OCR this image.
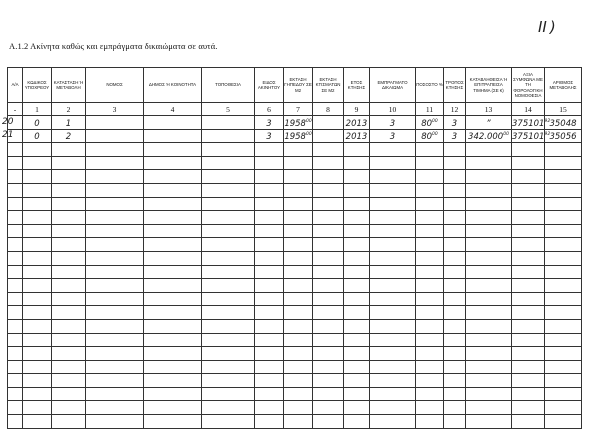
II )
Α.1.2 Ακίνητα καθώς και εμπράγματα δικαιώματα σε αυτά.
Α/Α	ΚΩΔΙΚΟΣ ΥΠΟΧΡΕΟΥ	ΚΑΤΑΣΤΑΣΗ Ή ΜΕΤΑΒΟΛΗ	ΝΟΜΟΣ	ΔΗΜΟΣ Ή ΚΟΙΝΟΤΗΤΑ	ΤΟΠΟΘΕΣΙΑ	ΕΙΔΟΣ ΑΚΙΝΗΤΟΥ	ΕΚΤΑΣΗ ΓΗΠΕΔΟΥ ΣΕ Μ2	ΕΚΤΑΣΗ ΚΤΙΣΜΑΤΩΝ ΣΕ Μ2	ΕΤΟΣ ΚΤΗΣΗΣ	ΕΜΠΡΑΓΜΑΤΟ ΔΙΚΑΙΩΜΑ	ΠΟΣΟΣΤΟ %	ΤΡΟΠΟΣ ΚΤΗΣΗΣ	ΚΑΤΑΒΛΗΘΕΙΣΑ Ή ΕΠΙΤΡΑΠΕΙΣΑ ΤΙΜΗΜΑ (ΣΕ €)	ΑΞΙΑ ΣΥΜΦΩΝΑ ΜΕ ΤΗ ΦΟΡΟΛΟΓΙΚΗ ΝΟΜΟΘΕΣΙΑ	ΑΡΙΘΜΟΣ ΜΕΤΑΒΟΛΗΣ
-	1	2	3	4	5	6	7	8	9	10	11	12	13	14	15
	0	1				3	1958$^{00}$		2013	3	$80^{00}$	3	”	375101$^{92}$	35048
	0	2				3	1958$^{00}$		2013	3	$80^{00}$	3	342.000$^{00}$	375101$^{92}$	35056

20
21
